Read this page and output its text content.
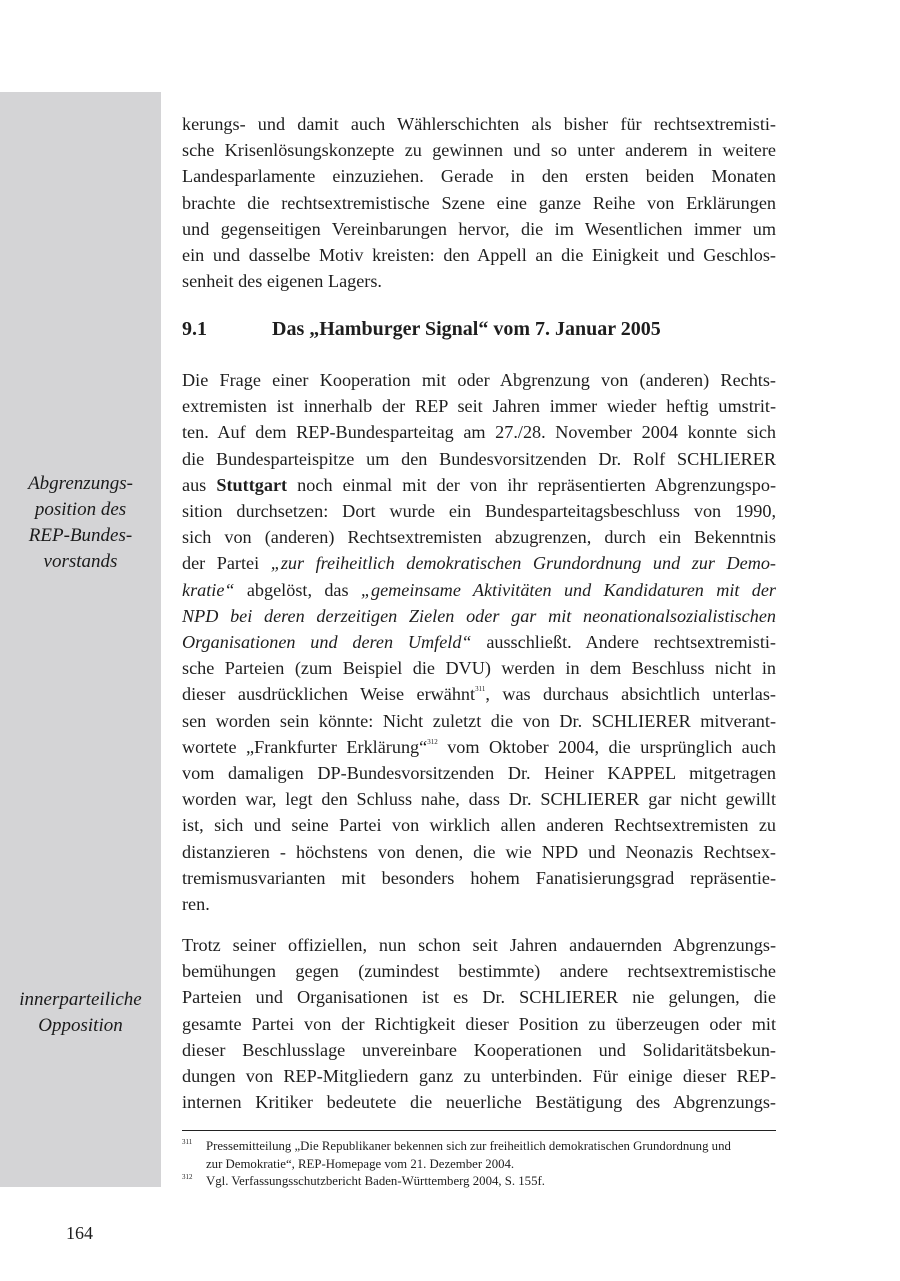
Abgrenzungs-
position des
REP-Bundes-
vorstands
innerparteiliche
Opposition
kerungs- und damit auch Wählerschichten als bisher für rechtsextremisti-
sche Krisenlösungskonzepte zu gewinnen und so unter anderem in weitere
Landesparlamente einzuziehen. Gerade in den ersten beiden Monaten
brachte die rechtsextremistische Szene eine ganze Reihe von Erklärungen
und gegenseitigen Vereinbarungen hervor, die im Wesentlichen immer um
ein und dasselbe Motiv kreisten: den Appell an die Einigkeit und Geschlos-
senheit des eigenen Lagers.
9.1	Das „Hamburger Signal“ vom 7. Januar 2005
Die Frage einer Kooperation mit oder Abgrenzung von (anderen) Rechts-
extremisten ist innerhalb der REP seit Jahren immer wieder heftig umstrit-
ten. Auf dem REP-Bundesparteitag am 27./28. November 2004 konnte sich
die Bundesparteispitze um den Bundesvorsitzenden Dr. Rolf SCHLIERER
aus Stuttgart noch einmal mit der von ihr repräsentierten Abgrenzungspo-
sition durchsetzen: Dort wurde ein Bundesparteitagsbeschluss von 1990,
sich von (anderen) Rechtsextremisten abzugrenzen, durch ein Bekenntnis
der Partei „zur freiheitlich demokratischen Grundordnung und zur Demo-
kratie“ abgelöst, das „gemeinsame Aktivitäten und Kandidaturen mit der
NPD bei deren derzeitigen Zielen oder gar mit neonationalsozialistischen
Organisationen und deren Umfeld“ ausschließt. Andere rechtsextremisti-
sche Parteien (zum Beispiel die DVU) werden in dem Beschluss nicht in
dieser ausdrücklichen Weise erwähnt$^{311}$, was durchaus absichtlich unterlas-
sen worden sein könnte: Nicht zuletzt die von Dr. SCHLIERER mitverant-
wortete „Frankfurter Erklärung“$^{312}$ vom Oktober 2004, die ursprünglich auch
vom damaligen DP-Bundesvorsitzenden Dr. Heiner KAPPEL mitgetragen
worden war, legt den Schluss nahe, dass Dr. SCHLIERER gar nicht gewillt
ist, sich und seine Partei von wirklich allen anderen Rechtsextremisten zu
distanzieren - höchstens von denen, die wie NPD und Neonazis Rechtsex-
tremismusvarianten mit besonders hohem Fanatisierungsgrad repräsentie-
ren.
Trotz seiner offiziellen, nun schon seit Jahren andauernden Abgrenzungs-
bemühungen gegen (zumindest bestimmte) andere rechtsextremistische
Parteien und Organisationen ist es Dr. SCHLIERER nie gelungen, die
gesamte Partei von der Richtigkeit dieser Position zu überzeugen oder mit
dieser Beschlusslage unvereinbare Kooperationen und Solidaritätsbekun-
dungen von REP-Mitgliedern ganz zu unterbinden. Für einige dieser REP-
internen Kritiker bedeutete die neuerliche Bestätigung des Abgrenzungs-
311 Pressemitteilung „Die Republikaner bekennen sich zur freiheitlich demokratischen Grundordnung und
zur Demokratie“, REP-Homepage vom 21. Dezember 2004.
312 Vgl. Verfassungsschutzbericht Baden-Württemberg 2004, S. 155f.
164
